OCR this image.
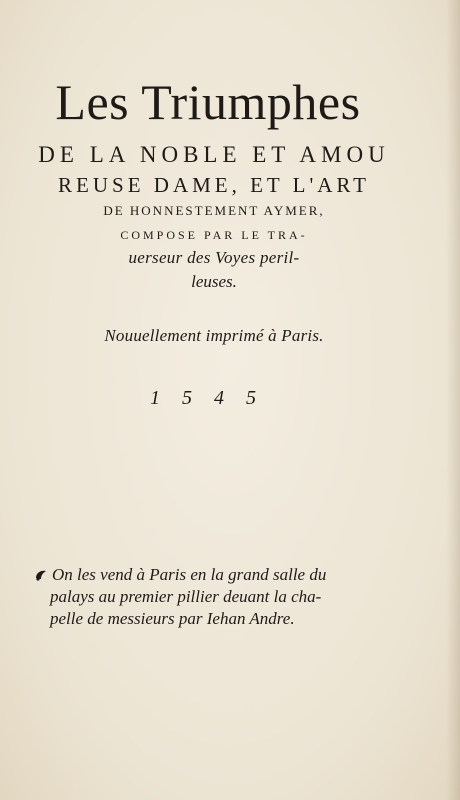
Les Triumphes
DE LA NOBLE ET AMOU
REUSE DAME, ET L'ART
DE HONNESTEMENT AYMER,
COMPOSE PAR LE TRA-
uerseur des Voyes peril-
leuses.
Nouuellement imprimé à Paris.
1545
On les vend à Paris en la grand salle du
palays au premier pillier deuant la cha-
pelle de messieurs par Iehan Andre.
